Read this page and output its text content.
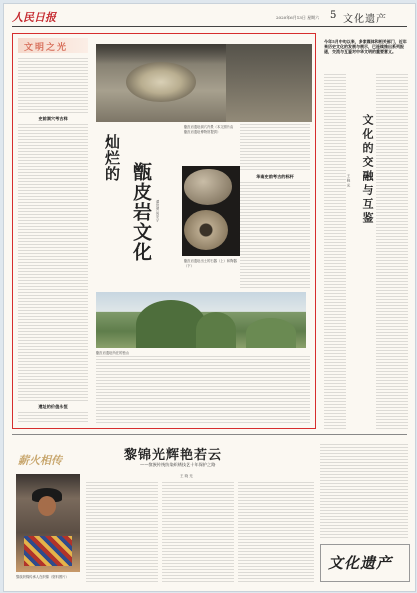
人民日报	2020年6月13日 星期六 5 文化遗产
文明之光
史前洞穴考古样
遗址的价值永恒
甑皮岩遗址洞穴内景（本文照片由甑皮岩遗址博物馆提供）
灿烂的
甑皮岩文化	谭世勇 何安宁
华南史前考古的标杆
甑皮岩遗址出土的石器（上）和陶器（下）
甑皮岩遗址所在的独山

今年5月中旬以来，多家媒体和相关部门，近年来历史文化的发展与展示，已连续推出系列报道，交流与互鉴对中华文明的重要意义。

文化的交融与互鉴
王 晓 光
薪火相传	黎锦光辉艳若云
——黎族传统纺染织绣技艺十年保护之路
王 晓 光
黎族织锦传承人在织锦（资料图片）
文化遗产
